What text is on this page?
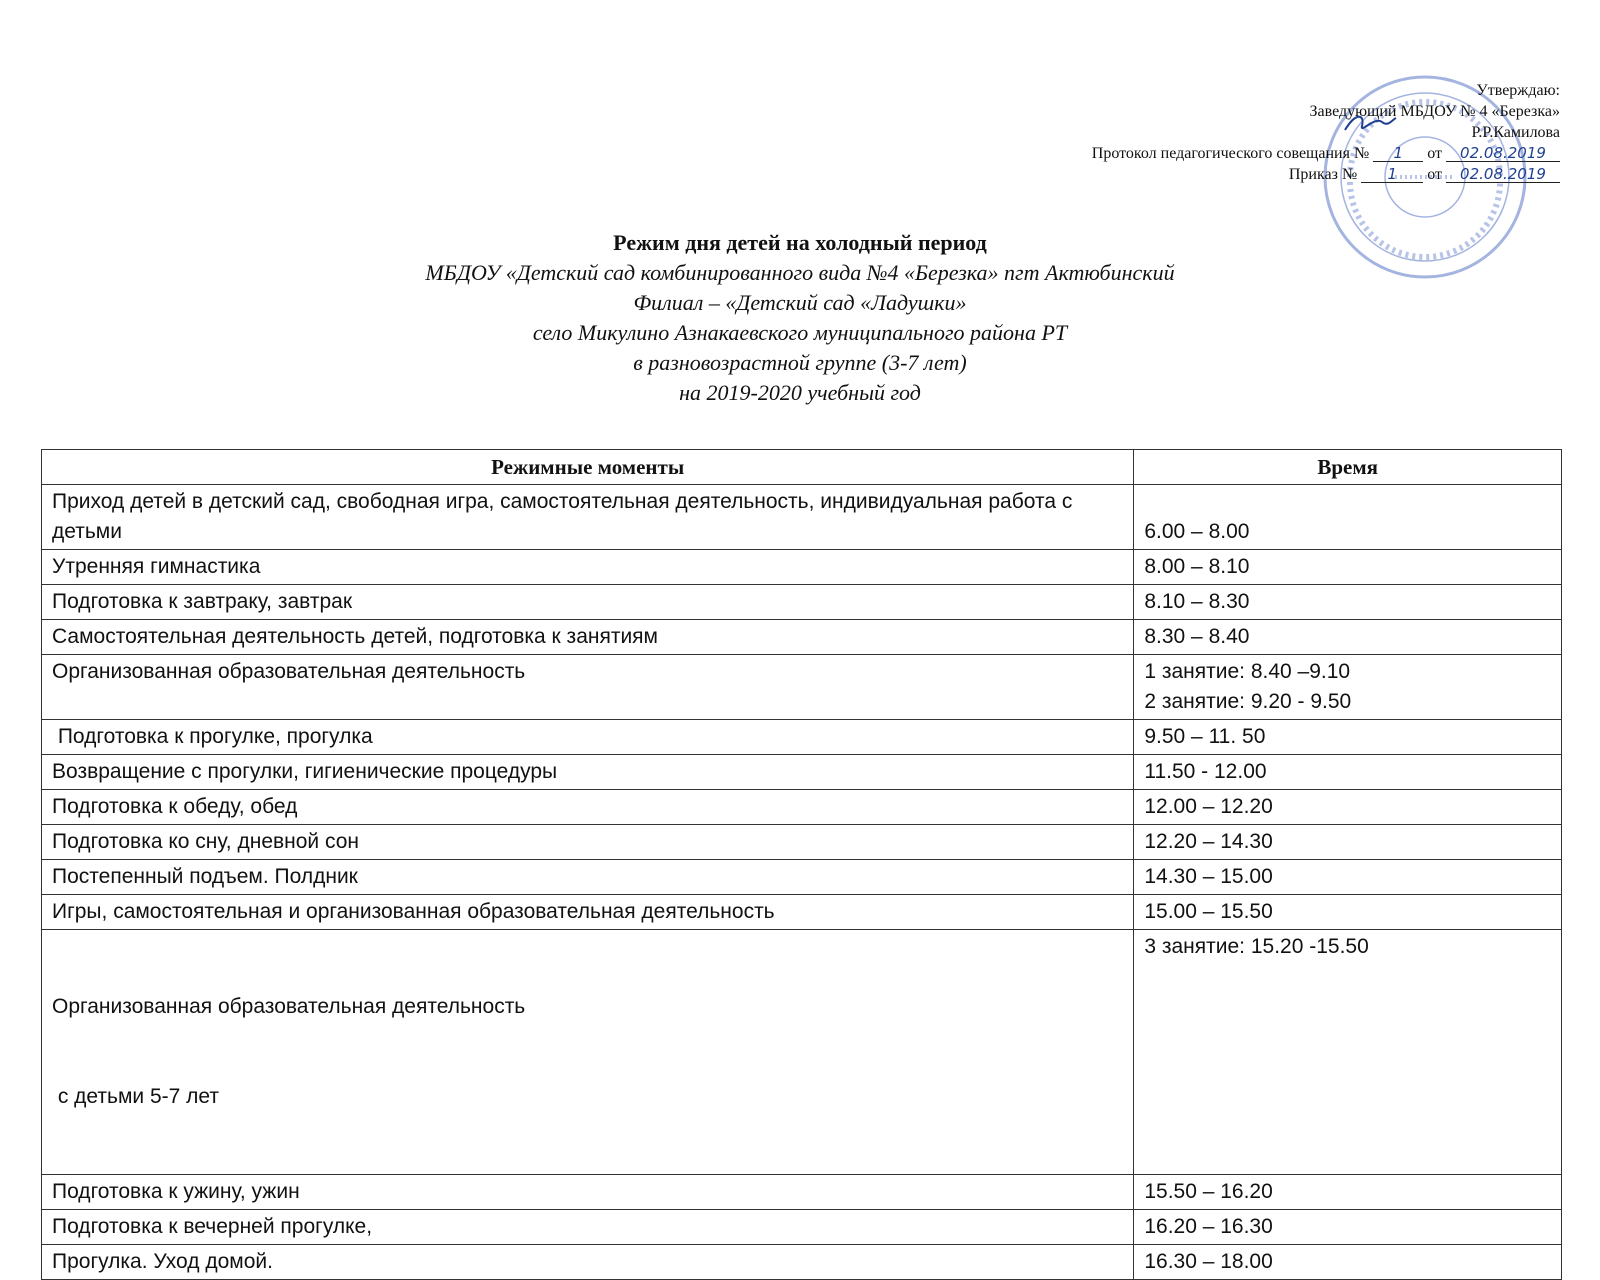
Утверждаю:
Заведующий МБДОУ № 4 «Березка»
Р.Р.Камилова
Протокол педагогического совещания № 1 от 02.08.2019
Приказ № 1 от 02.08.2019
Режим дня детей на холодный период
МБДОУ «Детский сад комбинированного вида №4 «Березка» пгт Актюбинский
Филиал – «Детский сад «Ладушки»
село Микулино Азнакаевского муниципального района РТ
в разновозрастной группе (3-7 лет)
на 2019-2020 учебный год
Режимные моменты	Время
Приход детей в детский сад, свободная игра, самостоятельная деятельность, индивидуальная работа с детьми	6.00 – 8.00
Утренняя гимнастика	8.00 – 8.10
Подготовка к завтраку, завтрак	8.10 – 8.30
Самостоятельная деятельность детей, подготовка к занятиям	8.30 – 8.40
Организованная образовательная деятельность	1 занятие: 8.40 –9.10
2 занятие: 9.20 - 9.50

Подготовка к прогулке, прогулка	9.50 – 11. 50
Возвращение с прогулки, гигиенические процедуры	11.50 - 12.00
Подготовка к обеду, обед	12.00 – 12.20
Подготовка ко сну, дневной сон	12.20 – 14.30
Постепенный подъем. Полдник	14.30 – 15.00
Игры, самостоятельная и организованная образовательная деятельность	15.00 – 15.50

Организованная образовательная деятельность

с детьми 5-7 лет	3 занятие: 15.20 -15.50
Подготовка к ужину, ужин	15.50 – 16.20
Подготовка к вечерней прогулке,	16.20 – 16.30
Прогулка. Уход домой.	16.30 – 18.00
